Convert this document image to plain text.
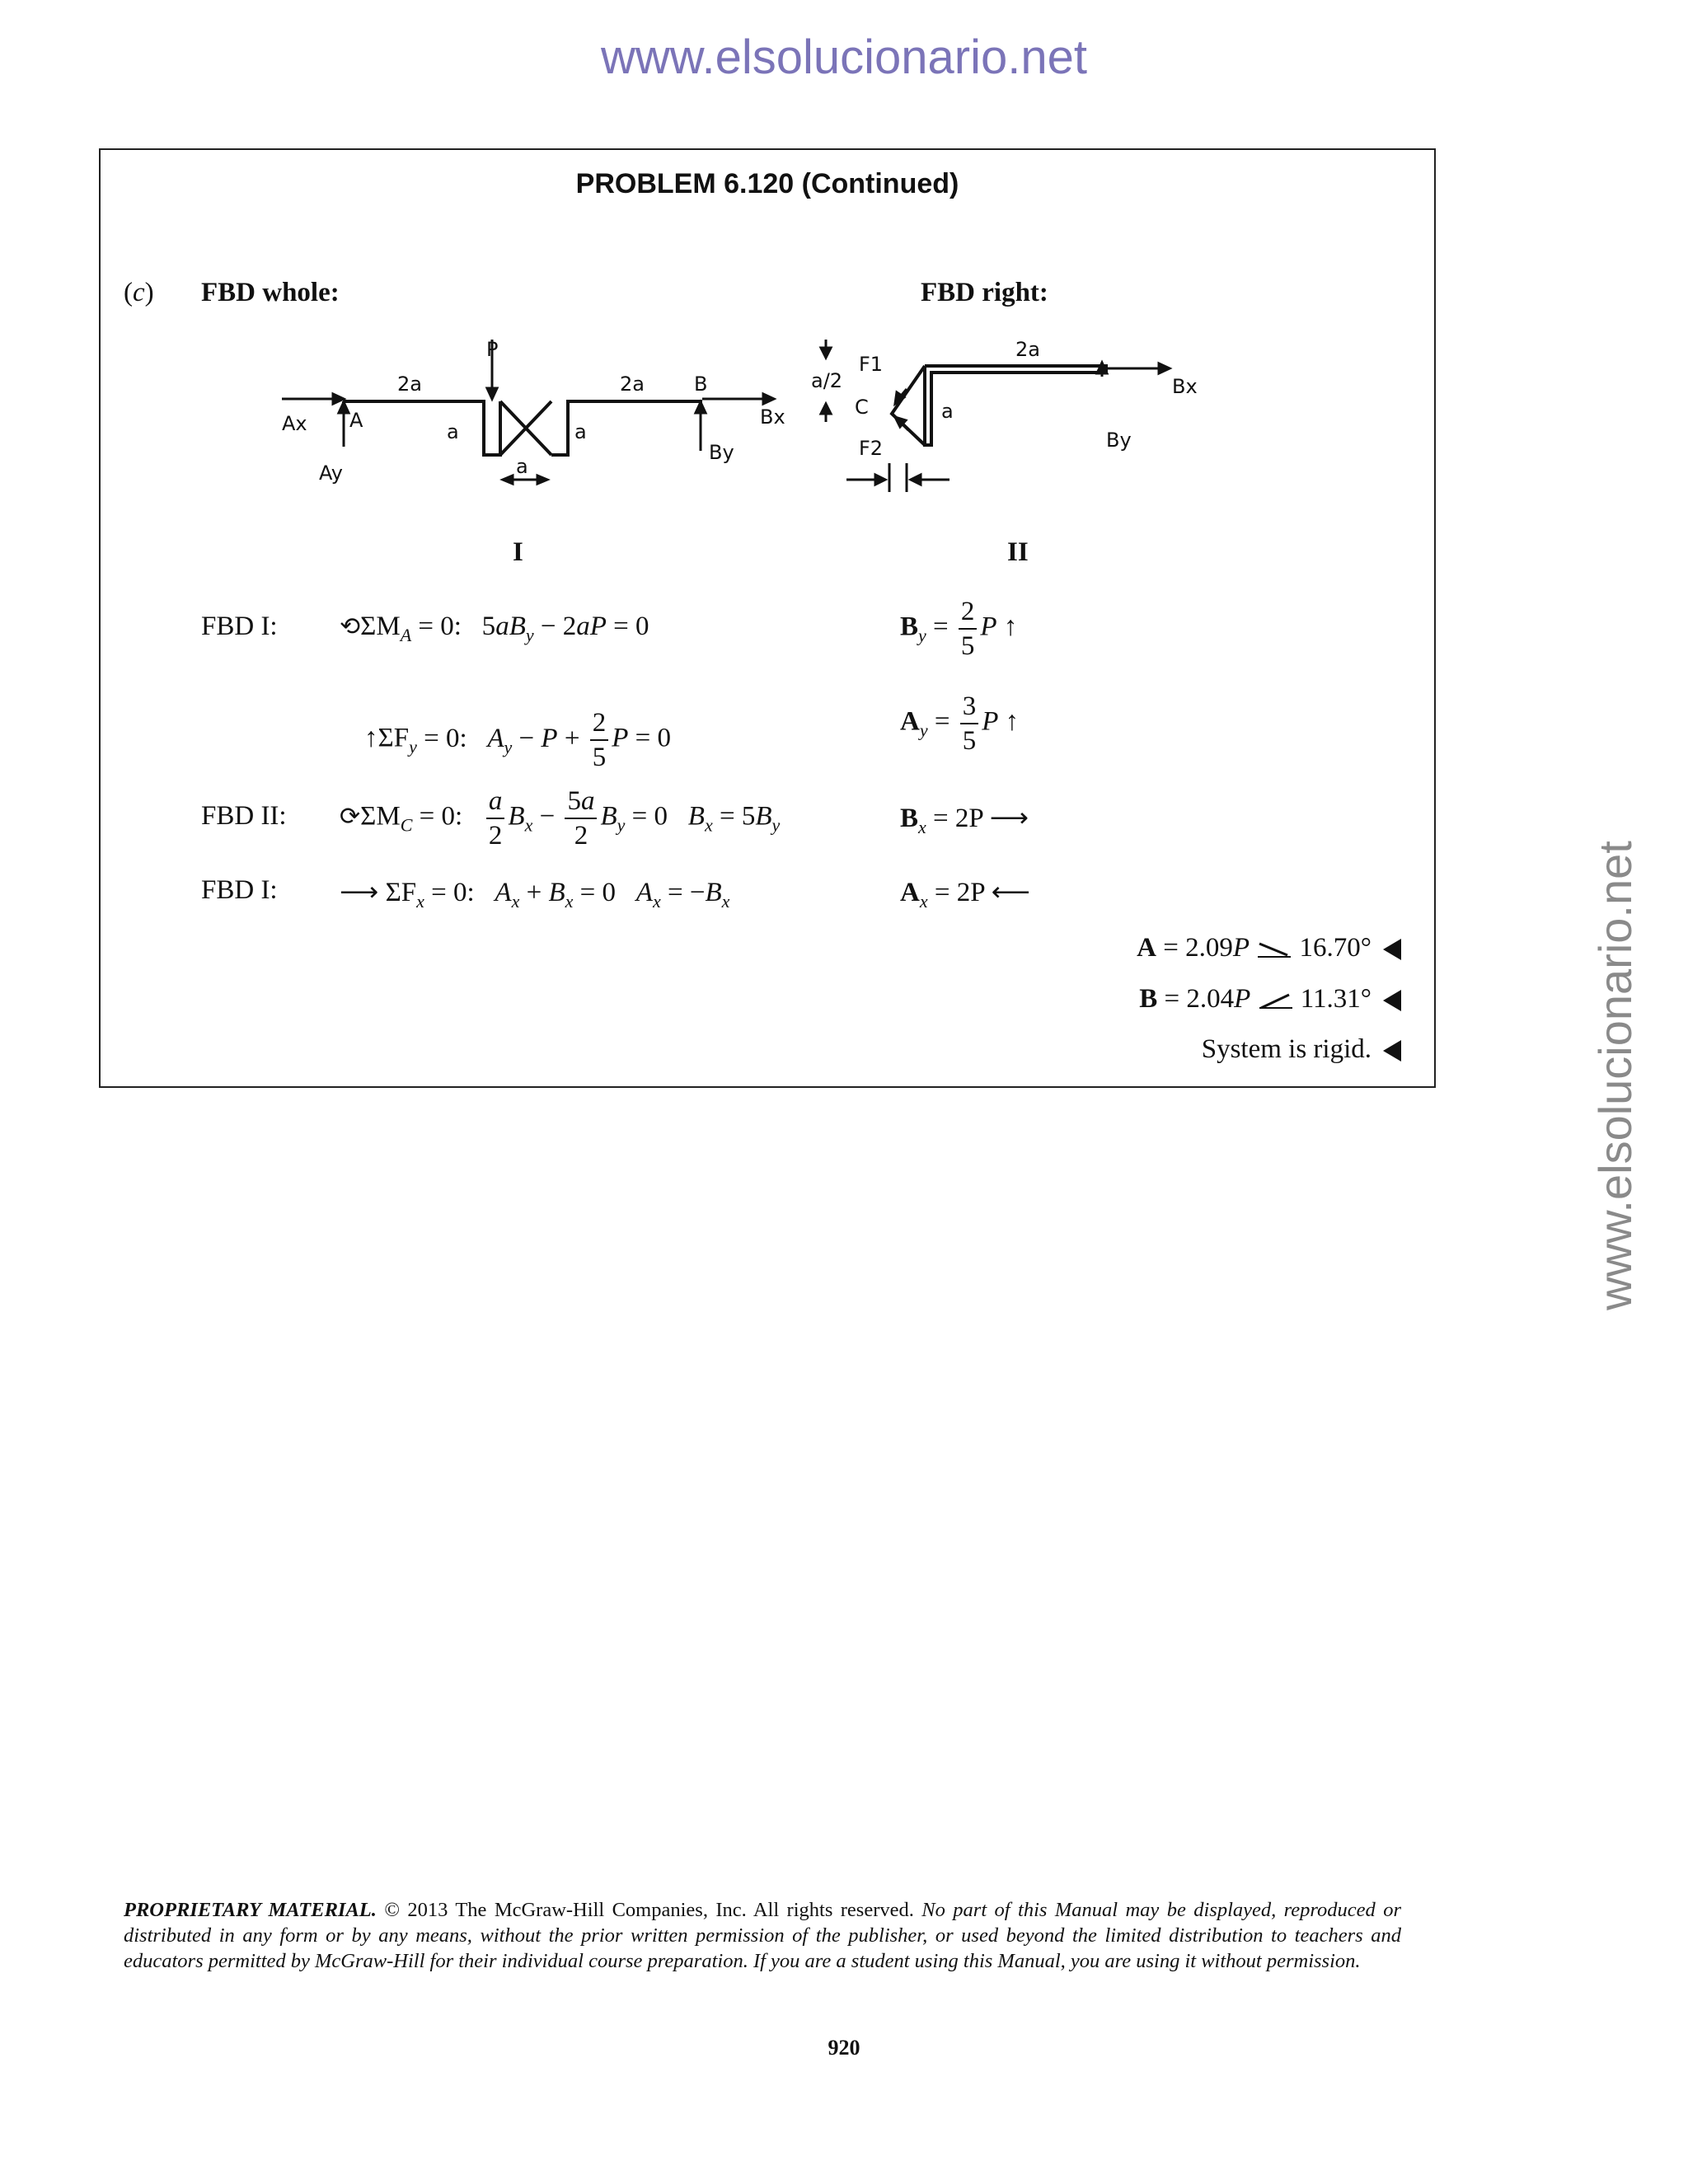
www.elsolucionario.net
www.elsolucionario.net
PROBLEM 6.120 (Continued)
(c) FBD whole:	FBD right:
P
2a	2a	B
A
Ax	a	a
Bx
By
Ay	a
2a
F1
a/2
C	a
F2
Bx
By
I	II
FBD I:	$⟲\Sigma M_A = 0$:   $5aB_y - 2aP = 0$	$B_y = \frac{2}{5}$ P ↑
$↑\Sigma F_y = 0$:   $A_y - P + \frac{2}{5}$ P = 0
$A_y = \frac{3}{5}$ P ↑
FBD II: $⟳\Sigma M_C = 0$: $\frac{a}{2} B_x - \frac{5a}{2} B_y = 0$   $B_x = 5B_y$	$B_x = 2P$ ⟶
FBD I: ⟶ $\Sigma F_x = 0$:   $A_x + B_x = 0$   $A_x = -B_x$	$A_x = 2P$ ⟵
A = 2.09P 16.70°
B = 2.04P 11.31°
System is rigid.
PROPRIETARY MATERIAL. © 2013 The McGraw-Hill Companies, Inc. All rights reserved. No part of this Manual may be displayed, reproduced or distributed in any form or by any means, without the prior written permission of the publisher, or used beyond the limited distribution to teachers and educators permitted by McGraw-Hill for their individual course preparation. If you are a student using this Manual, you are using it without permission.
920
